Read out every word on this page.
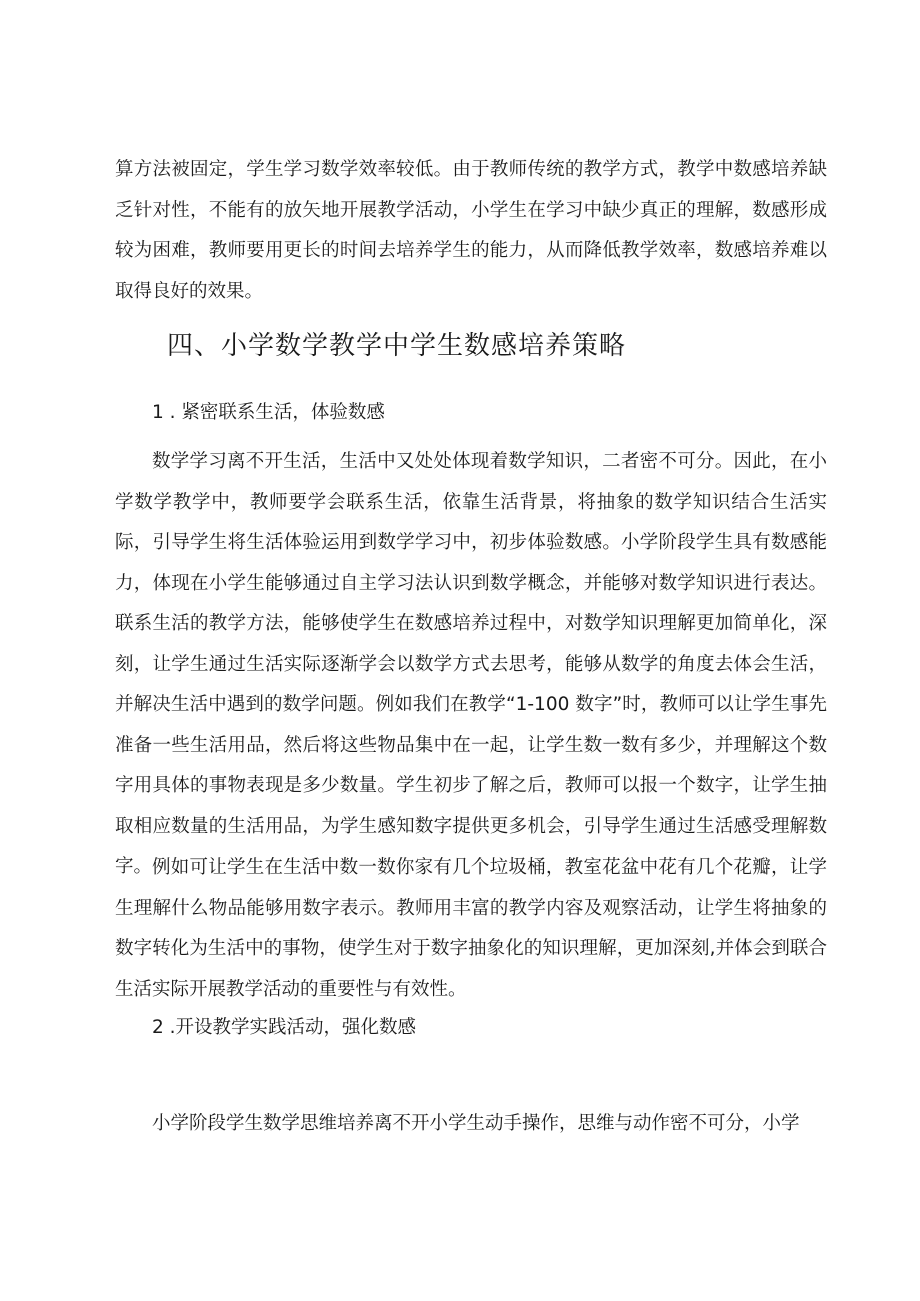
算方法被固定，学生学习数学效率较低。由于教师传统的教学方式，教学中数感培养缺乏针对性，不能有的放矢地开展教学活动，小学生在学习中缺少真正的理解，数感形成较为困难，教师要用更长的时间去培养学生的能力，从而降低教学效率，数感培养难以取得良好的效果。

四、小学数学教学中学生数感培养策略
1 . 紧密联系生活，体验数感

数学学习离不开生活，生活中又处处体现着数学知识，二者密不可分。因此，在小学数学教学中，教师要学会联系生活，依靠生活背景，将抽象的数学知识结合生活实际，引导学生将生活体验运用到数学学习中，初步体验数感。小学阶段学生具有数感能力，体现在小学生能够通过自主学习法认识到数学概念，并能够对数学知识进行表达。联系生活的教学方法，能够使学生在数感培养过程中，对数学知识理解更加简单化，深刻，让学生通过生活实际逐渐学会以数学方式去思考，能够从数学的角度去体会生活，并解决生活中遇到的数学问题。例如我们在教学“1-100 数字”时，教师可以让学生事先准备一些生活用品，然后将这些物品集中在一起，让学生数一数有多少，并理解这个数字用具体的事物表现是多少数量。学生初步了解之后，教师可以报一个数字，让学生抽取相应数量的生活用品，为学生感知数字提供更多机会，引导学生通过生活感受理解数字。 例如可让学生在生活中数一数你家有几个垃圾桶，教室花盆中花有几个花瓣，让学生理解什么物品能够用数字表示。教师用丰富的教学内容及观察活动，让学生将抽象的数字转化为生活中的事物，使学生对于数字抽象化的知识理解，更加深刻,并体会到联合生活实际开展教学活动的重要性与有效性。

2 .开设教学实践活动，强化数感

小学阶段学生数学思维培养离不开小学生动手操作，思维与动作密不可分，小学
